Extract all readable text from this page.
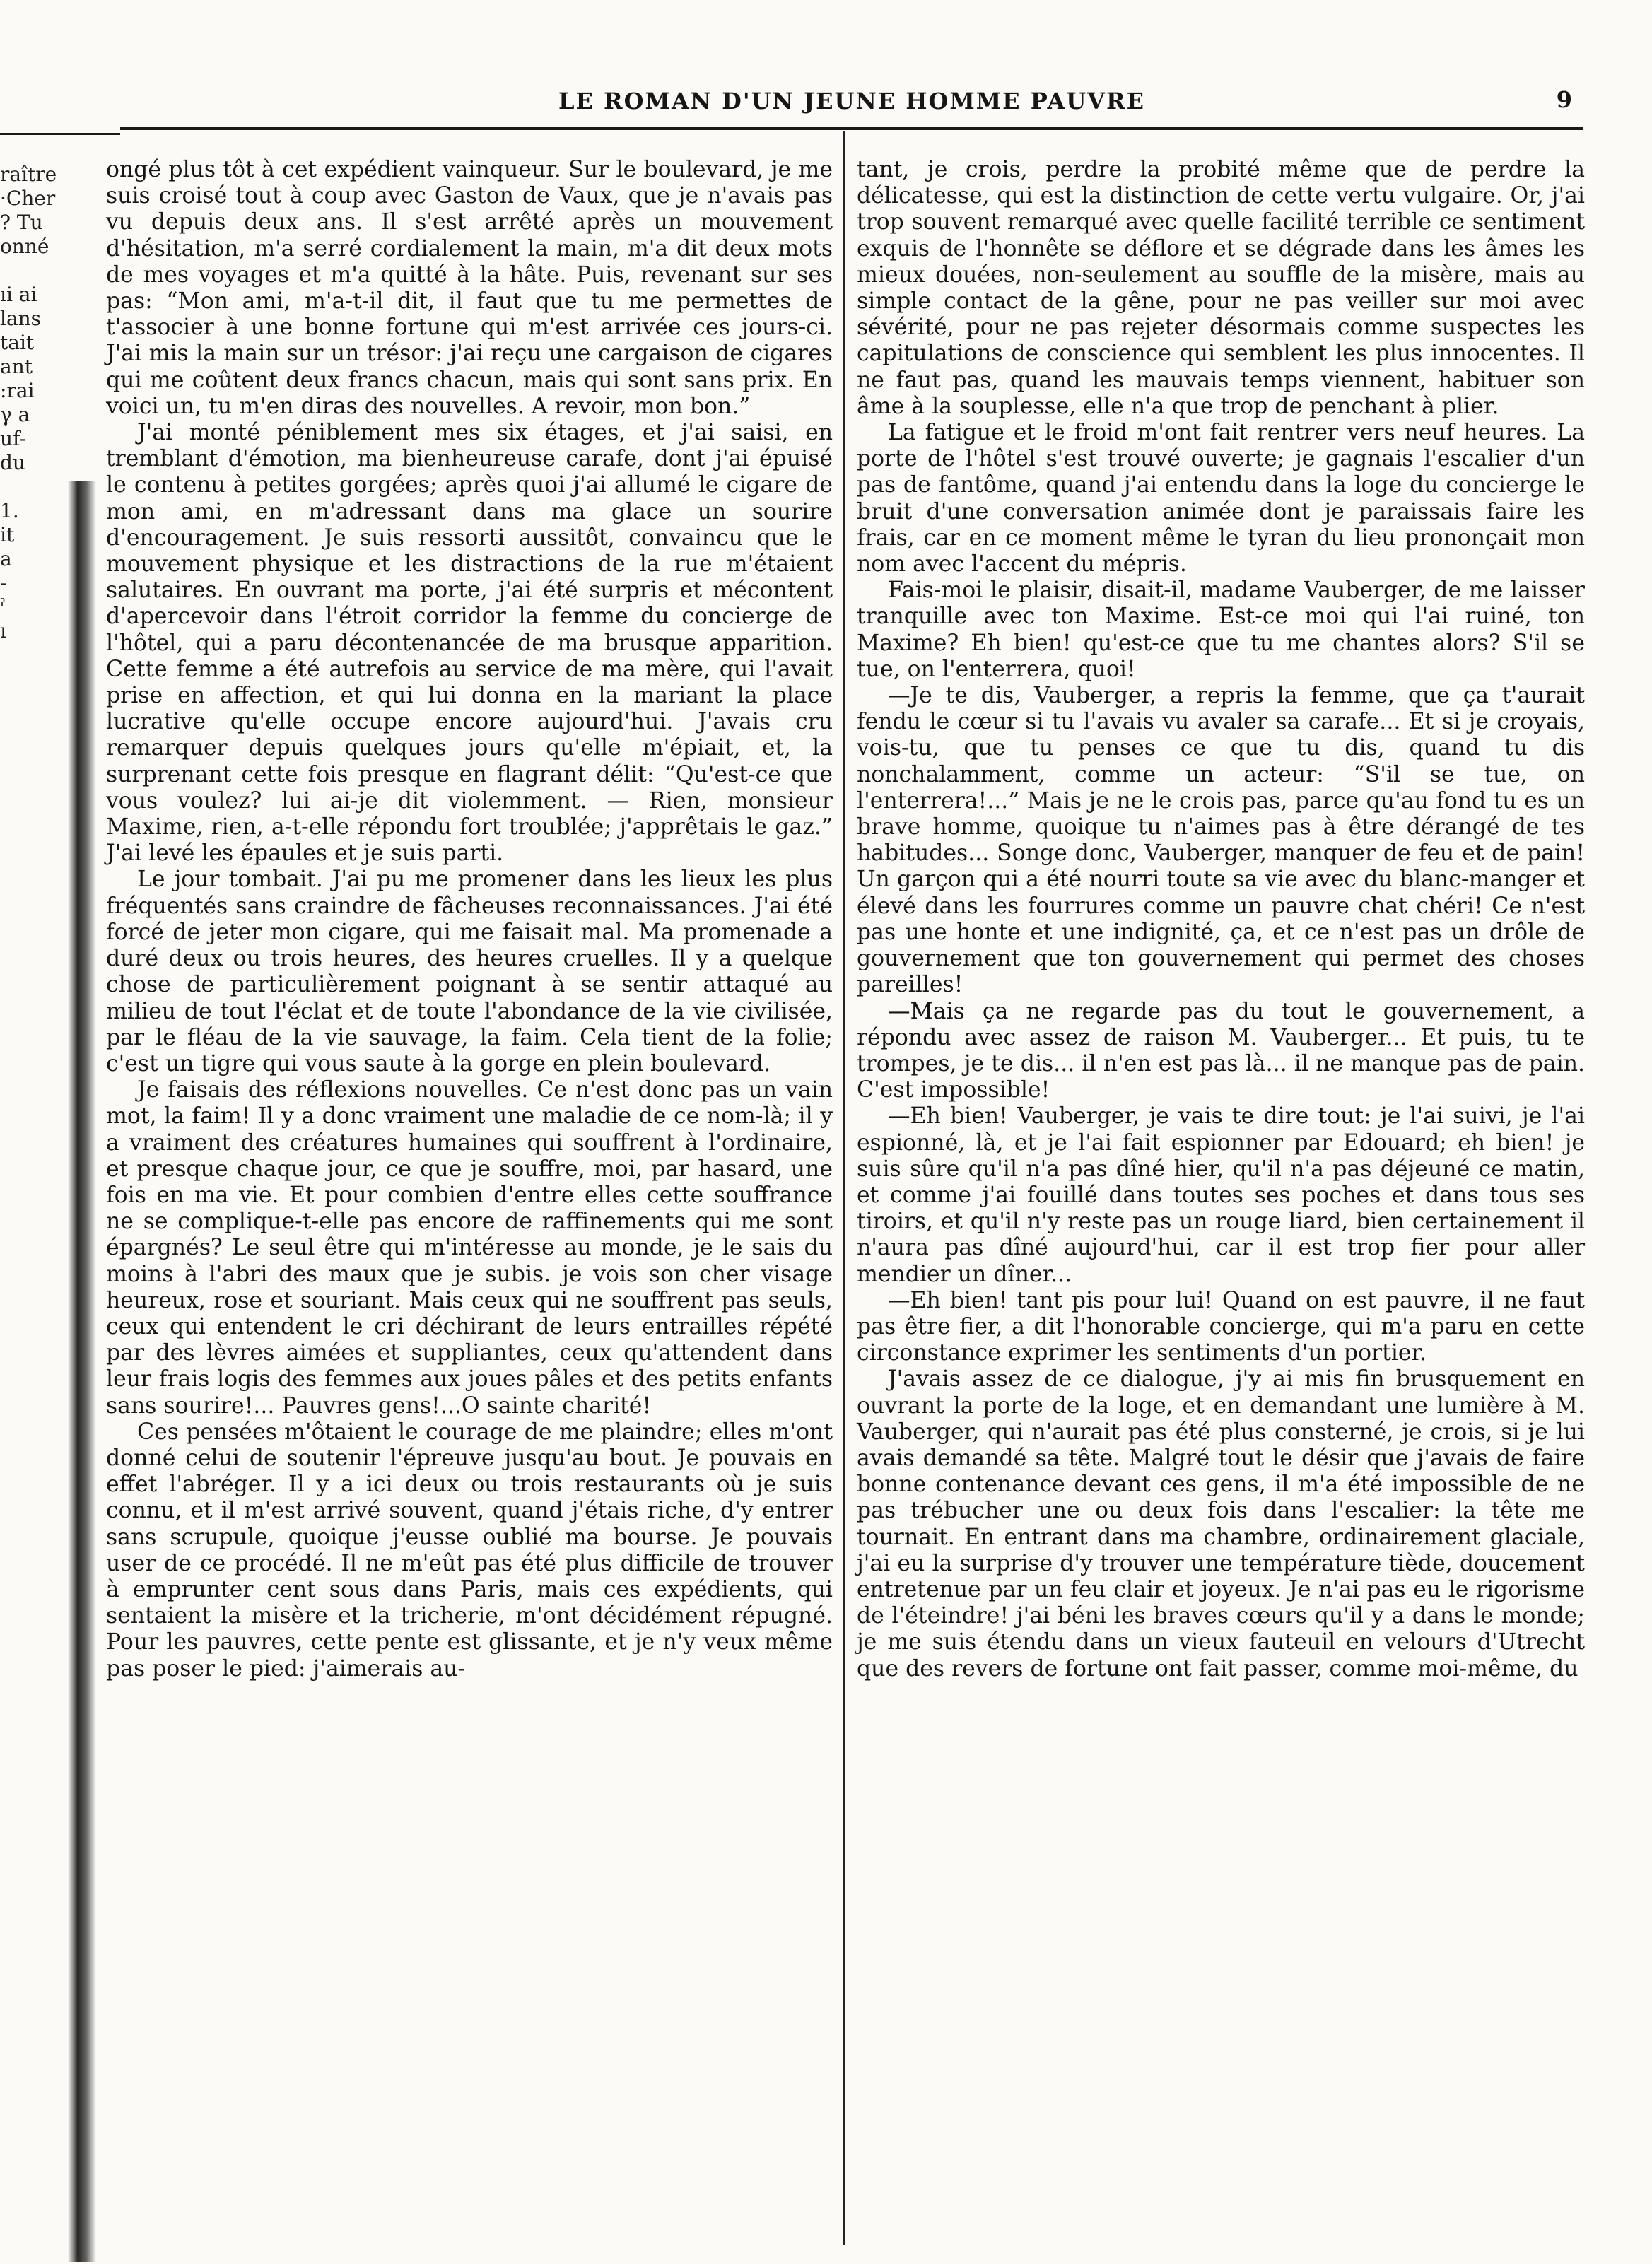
LE ROMAN D'UN JEUNE HOMME PAUVRE	9
raître
·Cher
? Tu
onné

ıi ai
lans
tait
ant
:rai
γ a
uf-
du

1.
it
a
-
ˀ
ı

ongé plus tôt à cet expédient vainqueur. Sur le boulevard, je me suis croisé tout à coup avec Gaston de Vaux, que je n'avais pas vu depuis deux ans. Il s'est arrêté après un mouvement d'hésitation, m'a serré cordialement la main, m'a dit deux mots de mes voyages et m'a quitté à la hâte. Puis, revenant sur ses pas: “Mon ami, m'a-t-il dit, il faut que tu me permettes de t'associer à une bonne fortune qui m'est arrivée ces jours-ci. J'ai mis la main sur un trésor: j'ai reçu une cargaison de cigares qui me coûtent deux francs chacun, mais qui sont sans prix. En voici un, tu m'en diras des nouvelles. A revoir, mon bon.”

J'ai monté péniblement mes six étages, et j'ai saisi, en tremblant d'émotion, ma bienheureuse carafe, dont j'ai épuisé le contenu à petites gorgées; après quoi j'ai allumé le cigare de mon ami, en m'adressant dans ma glace un sourire d'encouragement. Je suis ressorti aussitôt, convaincu que le mouvement physique et les distractions de la rue m'étaient salutaires. En ouvrant ma porte, j'ai été surpris et mécontent d'apercevoir dans l'étroit corridor la femme du concierge de l'hôtel, qui a paru décontenancée de ma brusque apparition. Cette femme a été autrefois au service de ma mère, qui l'avait prise en affection, et qui lui donna en la mariant la place lucrative qu'elle occupe encore aujourd'hui. J'avais cru remarquer depuis quelques jours qu'elle m'épiait, et, la surprenant cette fois presque en flagrant délit: “Qu'est-ce que vous voulez? lui ai-je dit violemment. — Rien, monsieur Maxime, rien, a-t-elle répondu fort troublée; j'apprêtais le gaz.” J'ai levé les épaules et je suis parti.

Le jour tombait. J'ai pu me promener dans les lieux les plus fréquentés sans craindre de fâcheuses reconnaissances. J'ai été forcé de jeter mon cigare, qui me faisait mal. Ma promenade a duré deux ou trois heures, des heures cruelles. Il y a quelque chose de particulièrement poignant à se sentir attaqué au milieu de tout l'éclat et de toute l'abondance de la vie civilisée, par le fléau de la vie sauvage, la faim. Cela tient de la folie; c'est un tigre qui vous saute à la gorge en plein boulevard.

Je faisais des réflexions nouvelles. Ce n'est donc pas un vain mot, la faim! Il y a donc vraiment une maladie de ce nom-là; il y a vraiment des créatures humaines qui souffrent à l'ordinaire, et presque chaque jour, ce que je souffre, moi, par hasard, une fois en ma vie. Et pour combien d'entre elles cette souffrance ne se complique-t-elle pas encore de raffinements qui me sont épargnés? Le seul être qui m'intéresse au monde, je le sais du moins à l'abri des maux que je subis. je vois son cher visage heureux, rose et souriant. Mais ceux qui ne souffrent pas seuls, ceux qui entendent le cri déchirant de leurs entrailles répété par des lèvres aimées et suppliantes, ceux qu'attendent dans leur frais logis des femmes aux joues pâles et des petits enfants sans sourire!... Pauvres gens!...O sainte charité!

Ces pensées m'ôtaient le courage de me plaindre; elles m'ont donné celui de soutenir l'épreuve jusqu'au bout. Je pouvais en effet l'abréger. Il y a ici deux ou trois restaurants où je suis connu, et il m'est arrivé souvent, quand j'étais riche, d'y entrer sans scrupule, quoique j'eusse oublié ma bourse. Je pouvais user de ce procédé. Il ne m'eût pas été plus difficile de trouver à emprunter cent sous dans Paris, mais ces expédients, qui sentaient la misère et la tricherie, m'ont décidément répugné. Pour les pauvres, cette pente est glissante, et je n'y veux même pas poser le pied: j'aimerais au-

tant, je crois, perdre la probité même que de perdre la délicatesse, qui est la distinction de cette vertu vulgaire. Or, j'ai trop souvent remarqué avec quelle facilité terrible ce sentiment exquis de l'honnête se déflore et se dégrade dans les âmes les mieux douées, non-seulement au souffle de la misère, mais au simple contact de la gêne, pour ne pas veiller sur moi avec sévérité, pour ne pas rejeter désormais comme suspectes les capitulations de conscience qui semblent les plus innocentes. Il ne faut pas, quand les mauvais temps viennent, habituer son âme à la souplesse, elle n'a que trop de penchant à plier.

La fatigue et le froid m'ont fait rentrer vers neuf heures. La porte de l'hôtel s'est trouvé ouverte; je gagnais l'escalier d'un pas de fantôme, quand j'ai entendu dans la loge du concierge le bruit d'une conversation animée dont je paraissais faire les frais, car en ce moment même le tyran du lieu prononçait mon nom avec l'accent du mépris.

Fais-moi le plaisir, disait-il, madame Vauberger, de me laisser tranquille avec ton Maxime. Est-ce moi qui l'ai ruiné, ton Maxime? Eh bien! qu'est-ce que tu me chantes alors? S'il se tue, on l'enterrera, quoi!

—Je te dis, Vauberger, a repris la femme, que ça t'aurait fendu le cœur si tu l'avais vu avaler sa carafe... Et si je croyais, vois-tu, que tu penses ce que tu dis, quand tu dis nonchalamment, comme un acteur: “S'il se tue, on l'enterrera!...” Mais je ne le crois pas, parce qu'au fond tu es un brave homme, quoique tu n'aimes pas à être dérangé de tes habitudes... Songe donc, Vauberger, manquer de feu et de pain! Un garçon qui a été nourri toute sa vie avec du blanc-manger et élevé dans les fourrures comme un pauvre chat chéri! Ce n'est pas une honte et une indignité, ça, et ce n'est pas un drôle de gouvernement que ton gouvernement qui permet des choses pareilles!

—Mais ça ne regarde pas du tout le gouvernement, a répondu avec assez de raison M. Vauberger... Et puis, tu te trompes, je te dis... il n'en est pas là... il ne manque pas de pain. C'est impossible!

—Eh bien! Vauberger, je vais te dire tout: je l'ai suivi, je l'ai espionné, là, et je l'ai fait espionner par Edouard; eh bien! je suis sûre qu'il n'a pas dîné hier, qu'il n'a pas déjeuné ce matin, et comme j'ai fouillé dans toutes ses poches et dans tous ses tiroirs, et qu'il n'y reste pas un rouge liard, bien certainement il n'aura pas dîné aujourd'hui, car il est trop fier pour aller mendier un dîner...

—Eh bien! tant pis pour lui! Quand on est pauvre, il ne faut pas être fier, a dit l'honorable concierge, qui m'a paru en cette circonstance exprimer les sentiments d'un portier.

J'avais assez de ce dialogue, j'y ai mis fin brusquement en ouvrant la porte de la loge, et en demandant une lumière à M. Vauberger, qui n'aurait pas été plus consterné, je crois, si je lui avais demandé sa tête. Malgré tout le désir que j'avais de faire bonne contenance devant ces gens, il m'a été impossible de ne pas trébucher une ou deux fois dans l'escalier: la tête me tournait. En entrant dans ma chambre, ordinairement glaciale, j'ai eu la surprise d'y trouver une température tiède, doucement entretenue par un feu clair et joyeux. Je n'ai pas eu le rigorisme de l'éteindre! j'ai béni les braves cœurs qu'il y a dans le monde; je me suis étendu dans un vieux fauteuil en velours d'Utrecht que des revers de fortune ont fait passer, comme moi-même, du
